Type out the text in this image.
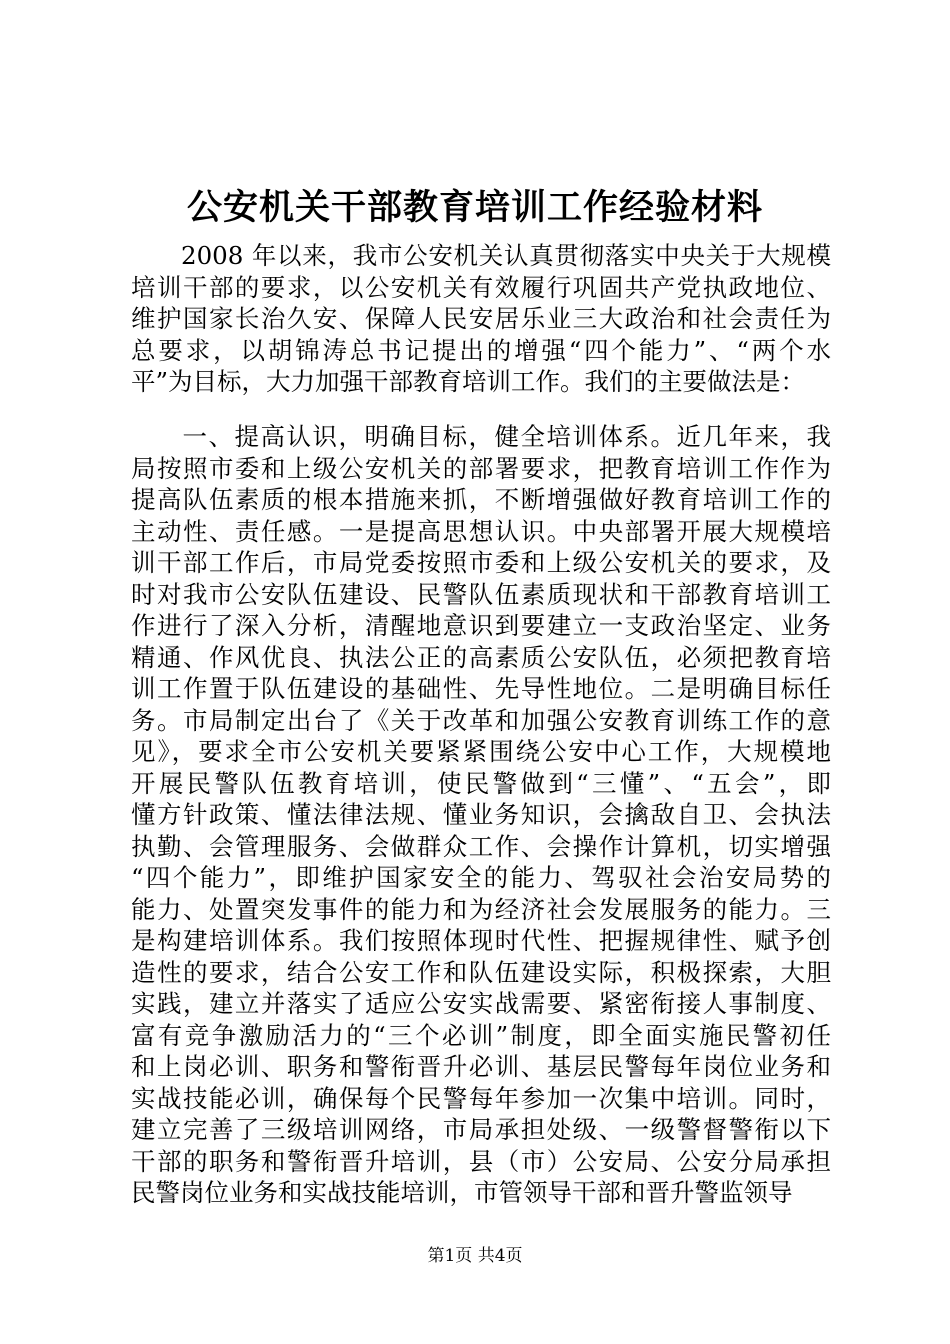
公安机关干部教育培训工作经验材料
2008 年以来，我市公安机关认真贯彻落实中央关于大规模
培训干部的要求，以公安机关有效履行巩固共产党执政地位、
维护国家长治久安、保障人民安居乐业三大政治和社会责任为
总要求，以胡锦涛总书记提出的增强“四个能力”、“两个水
平”为目标，大力加强干部教育培训工作。我们的主要做法是：
一、提高认识，明确目标，健全培训体系。近几年来，我
局按照市委和上级公安机关的部署要求，把教育培训工作作为
提高队伍素质的根本措施来抓，不断增强做好教育培训工作的
主动性、责任感。一是提高思想认识。中央部署开展大规模培
训干部工作后，市局党委按照市委和上级公安机关的要求，及
时对我市公安队伍建设、民警队伍素质现状和干部教育培训工
作进行了深入分析，清醒地意识到要建立一支政治坚定、业务
精通、作风优良、执法公正的高素质公安队伍，必须把教育培
训工作置于队伍建设的基础性、先导性地位。二是明确目标任
务。市局制定出台了《关于改革和加强公安教育训练工作的意
见》，要求全市公安机关要紧紧围绕公安中心工作，大规模地
开展民警队伍教育培训，使民警做到“三懂”、“五会”，即
懂方针政策、懂法律法规、懂业务知识，会擒敌自卫、会执法
执勤、会管理服务、会做群众工作、会操作计算机，切实增强
“四个能力”，即维护国家安全的能力、驾驭社会治安局势的
能力、处置突发事件的能力和为经济社会发展服务的能力。三
是构建培训体系。我们按照体现时代性、把握规律性、赋予创
造性的要求，结合公安工作和队伍建设实际，积极探索，大胆
实践，建立并落实了适应公安实战需要、紧密衔接人事制度、
富有竞争激励活力的“三个必训”制度，即全面实施民警初任
和上岗必训、职务和警衔晋升必训、基层民警每年岗位业务和
实战技能必训，确保每个民警每年参加一次集中培训。同时，
建立完善了三级培训网络，市局承担处级、一级警督警衔以下
干部的职务和警衔晋升培训，县（市）公安局、公安分局承担
民警岗位业务和实战技能培训，市管领导干部和晋升警监领导
第1页 共4页
